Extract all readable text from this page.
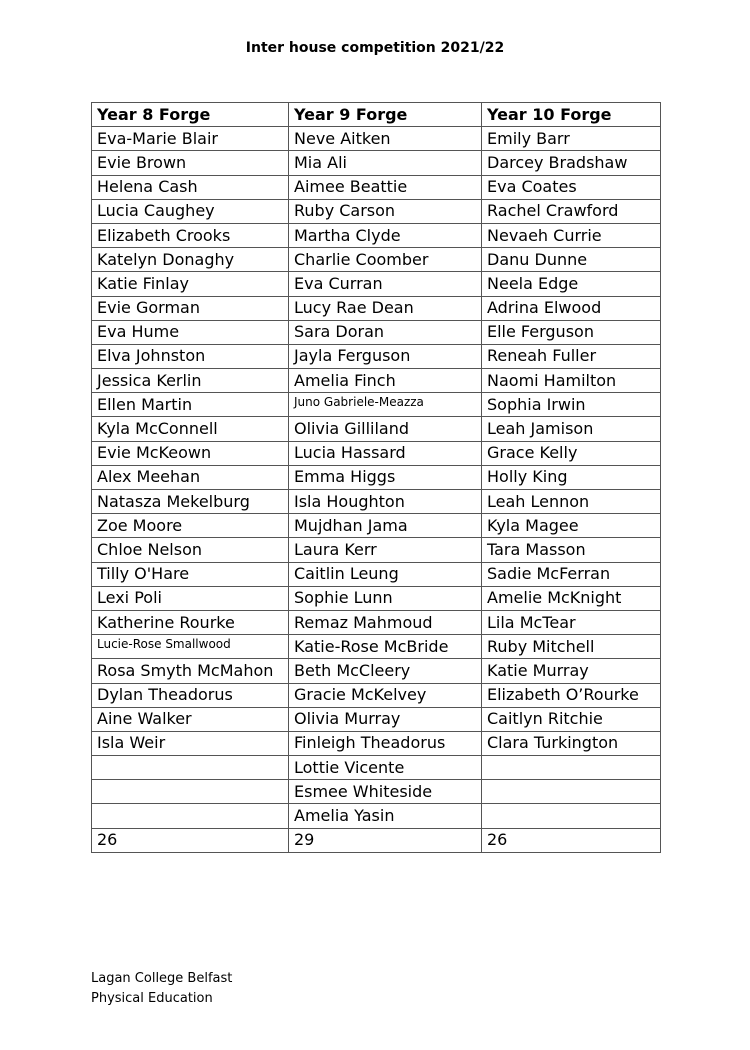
Inter house competition 2021/22
Year 8 Forge	Year 9 Forge	Year 10 Forge
Eva-Marie Blair	Neve Aitken	Emily Barr
Evie Brown	Mia Ali	Darcey Bradshaw
Helena Cash	Aimee Beattie	Eva Coates
Lucia Caughey	Ruby Carson	Rachel Crawford
Elizabeth Crooks	Martha Clyde	Nevaeh Currie
Katelyn Donaghy	Charlie Coomber	Danu Dunne
Katie Finlay	Eva Curran	Neela Edge
Evie Gorman	Lucy Rae Dean	Adrina Elwood
Eva Hume	Sara Doran	Elle Ferguson
Elva Johnston	Jayla Ferguson	Reneah Fuller
Jessica Kerlin	Amelia Finch	Naomi Hamilton
Ellen Martin	Juno Gabriele-Meazza	Sophia Irwin
Kyla McConnell	Olivia Gilliland	Leah Jamison
Evie McKeown	Lucia Hassard	Grace Kelly
Alex Meehan	Emma Higgs	Holly King
Natasza Mekelburg	Isla Houghton	Leah Lennon
Zoe Moore	Mujdhan Jama	Kyla Magee
Chloe Nelson	Laura Kerr	Tara Masson
Tilly O'Hare	Caitlin Leung	Sadie McFerran
Lexi Poli	Sophie Lunn	Amelie McKnight
Katherine Rourke	Remaz Mahmoud	Lila McTear
Lucie-Rose Smallwood	Katie-Rose McBride	Ruby Mitchell
Rosa Smyth McMahon	Beth McCleery	Katie Murray
Dylan Theadorus	Gracie McKelvey	Elizabeth O’Rourke
Aine Walker	Olivia Murray	Caitlyn Ritchie
Isla Weir	Finleigh Theadorus	Clara Turkington
	Lottie Vicente	
	Esmee Whiteside	
	Amelia Yasin	
26	29	26
Lagan College Belfast
Physical Education
